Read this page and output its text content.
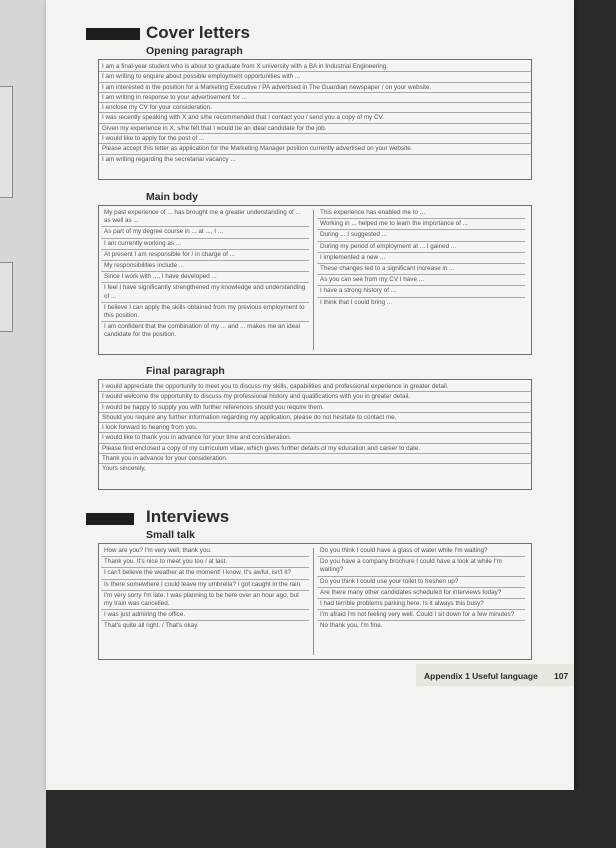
Cover letters
Opening paragraph
I am a final-year student who is about to graduate from X university with a BA in Industrial Engineering.
I am writing to enquire about possible employment opportunities with ...
I am interested in the position for a Marketing Executive / PA advertised in The Guardian newspaper / on your website.
I am writing in response to your advertisement for ...
I enclose my CV for your consideration.
I was recently speaking with X and s/he recommended that I contact you / send you a copy of my CV.
Given my experience in X, s/he felt that I would be an ideal candidate for the job.
I would like to apply for the post of ...
Please accept this letter as application for the Marketing Manager position currently advertised on your website.
I am writing regarding the secretarial vacancy ...
Main body
My past experience of ... has brought me a greater understanding of ... as well as ...
As part of my degree course in ... at ..., I ...
I am currently working as ...
At present I am responsible for / in charge of ...
My responsibilities include ...
Since I work with ..., I have developed ...
I feel I have significantly strengthened my knowledge and understanding of ...
I believe I can apply the skills obtained from my previous employment to this position.
I am confident that the combination of my ... and ... makes me an ideal candidate for the position.
This experience has enabled me to ...
Working in ... helped me to learn the importance of ...
During ... I suggested ...
During my period of employment at ... I gained ...
I implemented a new ...
These changes led to a significant increase in ...
As you can see from my CV I have ...
I have a strong history of ...
I think that I could bring ...
Final paragraph
I would appreciate the opportunity to meet you to discuss my skills, capabilities and professional experience in greater detail.
I would welcome the opportunity to discuss my professional history and qualifications with you in greater detail.
I would be happy to supply you with further references should you require them.
Should you require any further information regarding my application, please do not hesitate to contact me.
I look forward to hearing from you.
I would like to thank you in advance for your time and consideration.
Please find enclosed a copy of my curriculum vitae, which gives further details of my education and career to date.
Thank you in advance for your consideration.
Yours sincerely,
Interviews
Small talk
How are you? I'm very well, thank you.
Thank you. It's nice to meet you too / at last.
I can't believe the weather at the moment! I know. It's awful, isn't it?
Is there somewhere I could leave my umbrella? I got caught in the rain.
I'm very sorry I'm late. I was planning to be here over an hour ago, but my train was cancelled.
I was just admiring the office.
That's quite all right. / That's okay.
Do you think I could have a glass of water while I'm waiting?
Do you have a company brochure I could have a look at while I'm waiting?
Do you think I could use your toilet to freshen up?
Are there many other candidates scheduled for interviews today?
I had terrible problems parking here. Is it always this busy?
I'm afraid I'm not feeling very well. Could I sit down for a few minutes?
No thank you, I'm fine.
Appendix 1 Useful language 107
